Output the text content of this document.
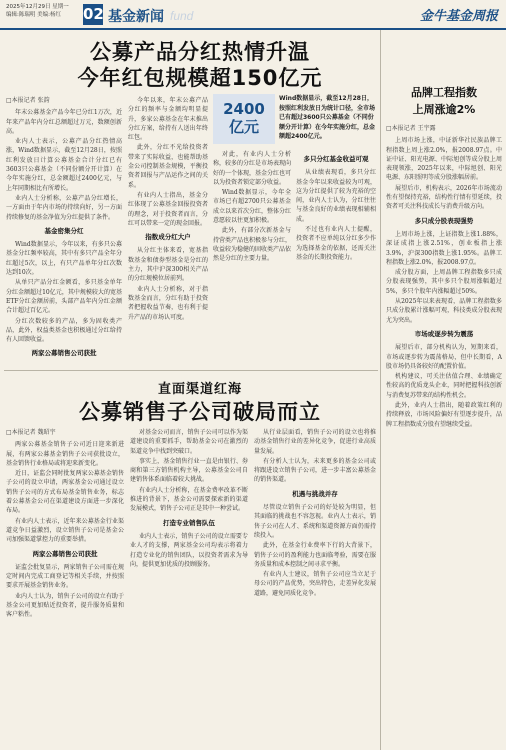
2025年12月29日 星期一
编辑:陈瑞明 美编:杨红	02 基金新闻 fund	金牛基金周报
公募产品分红热情升温
今年红包规模超150亿元
□本报记者 张韵

年末公募基金产品今年已分红1万次，近年来产品年内分红总额超过万元，数额创新高。

业内人士表示，公募产品分红热情高涨，Wind数据显示，截至12月28日，按照红利发放日计算公募基金合计分红已有3603只公募基金（不同份额分开计算）在今年实施分红，总金额超过2400亿元，与上年同期相比有所增长。

业内人士分析称，公募产品分红增长，一方面由于年内市场的持续向好，另一方面持续修复的基金净值为分红提供了条件。

基金密集分红

Wind数据显示，今年以来，有多只公募基金分红频率较高，其中有多只产品全年分红超过5次，以上，有只产品单年分红次数达到10次。

从单只产品分红金额看，多只基金单年分红金额超过10亿元，其中规模较大的宽基ETF分红金额居前，头部产品年内分红金额合计超过百亿元。

分红次数较多的产品，多为固收类产品，此外，权益类基金也积极通过分红给持有人回馈收益。

两家公募销售公司获批

今年以来，年末公募产品分红的频率与金额均明显提升，多家公募基金在年末推出分红方案，给持有人送出年终红包。

此外，分红不光给投资者带来了实际收益，也能帮助基金公司控制基金规模，平衡投资者回报与产品运作之间的关系。

有业内人士指出，基金分红体现了公募基金回报投资者的理念，对于投资者而言，分红可以带来一定的现金回报。

指数成分红大户

从分红主体来看，宽基指数基金和债券型基金是分红的主力，其中沪深300相关产品的分红规模位居前列。

业内人士分析称，对于指数基金而言，分红有助于投资者把握收益节奏，也有利于提升产品的市场认可度。

2400
亿元
Wind数据显示，截至12月28日，按照红利发放日为统计口径，全市场已有超过3600只公募基金（不同份额分开计算）在今年实施分红，总金额超2400亿元。

对此，有业内人士分析称，较多的分红是市场表现向好的一个体现，基金分红也可以为投资者锁定部分收益。

Wind数据显示，今年全市场已有超2700只公募基金成立以来首次分红，整体分红意愿较以往更加积极。

此外，有部分次新基金与持营类产品也积极参与分红，收益较为稳健的固收类产品依然是分红的主要力量。

多只分红基金收益可观

从业绩表现看，多只分红基金今年以来收益较为可观，这为分红提供了较为充裕的空间，业内人士认为，分红往往与基金良好的业绩表现相辅相成。

不过也有业内人士提醒，投资者不应单纯以分红多少作为选择基金的依据，还需关注基金的长期投资能力。

直面渠道红海
公募销售子公司破局而立
□本报记者 魏昭宇

两家公募基金销售子公司近日迎来新进展，有两家公募基金销售子公司获批设立，基金销售行业格局或将迎来新变化。

近日，证监会同时批复两家公募基金销售子公司的设立申请，两家基金公司通过设立销售子公司的方式布局基金销售业务，标志着公募基金公司在渠道建设方面进一步深化布局。

有业内人士表示，近年来公募基金行业渠道竞争日益激烈，设立销售子公司是基金公司加强渠道掌控力的重要举措。

两家公募销售公司获批

证监会批复显示，两家销售子公司需在规定时间内完成工商登记等相关手续，并按照要求开展基金销售业务。

业内人士认为，销售子公司的设立有助于基金公司更加贴近投资者，提升服务质量和客户粘性。

对基金公司而言，销售子公司可以作为渠道建设的重要抓手，帮助基金公司在激烈的渠道竞争中找到突破口。

事实上，基金销售行业一直是由银行、券商和第三方销售机构主导，公募基金公司自建销售体系面临着较大挑战。

有业内人士分析称，在基金费率改革不断推进的背景下，基金公司需要探索新的渠道发展模式，销售子公司正是其中一种尝试。

打造专业销售队伍

业内人士表示，销售子公司的设立需要专业人才的支撑，两家基金公司均表示将着力打造专业化的销售团队，以投资者需求为导向，提供更加优质的投顾服务。

从行业层面看，销售子公司的设立也将推动基金销售行业的差异化竞争，促进行业高质量发展。

有分析人士认为，未来更多的基金公司或将跟进设立销售子公司，进一步丰富公募基金的销售渠道。

机遇与挑战并存

尽管设立销售子公司的好处较为明显，但其面临的挑战也不容忽视。业内人士表示，销售子公司在人才、系统和渠道资源方面仍需持续投入。

此外，在基金行业费率下行的大背景下，销售子公司的盈利能力也面临考验，需要在服务质量和成本控制之间寻求平衡。

有业内人士建议，销售子公司应当立足于母公司的产品优势，突出特色，走差异化发展道路，避免同质化竞争。

品牌工程指数
上周涨逾2%
□本报记者 王宇露

上周市场上涨，中证新华社民族品牌工程指数上周上涨2.0%，报2008.97点。中证中证、阳光电源、中际旭创等成分股上周表现领涨，2025年以来，中际旭创、阳光电源、东阳照明等成分股涨幅居前。

展望后市，机构表示，2026年市场流动性有望保持充裕，结构性行情有望延续，投资者可关注科技成长与消费升级方向。

多只成分股表现强势

上周市场上涨，上证指数上涨1.88%，深证成指上涨2.51%，创业板指上涨3.9%，沪深300指数上涨1.95%。品牌工程指数上涨2.0%，报2008.97点。

成分股方面，上周品牌工程指数多只成分股表现强势，其中多只个股周涨幅超过5%，多只个股年内涨幅超过50%。

从2025年以来表现看，品牌工程指数多只成分股累计涨幅可观，科技类成分股表现尤为突出。

市场或逐步转为震荡

展望后市，部分机构认为，短期来看，市场或逐步转为震荡格局，但中长期看，A股市场仍具备较好的配置价值。

机构建议，可关注估值合理、业绩确定性较高的优质龙头企业，同时把握科技创新与消费复苏带来的结构性机会。

此外，业内人士指出，随着政策红利的持续释放，市场风险偏好有望逐步提升，品牌工程指数成分股有望继续受益。
